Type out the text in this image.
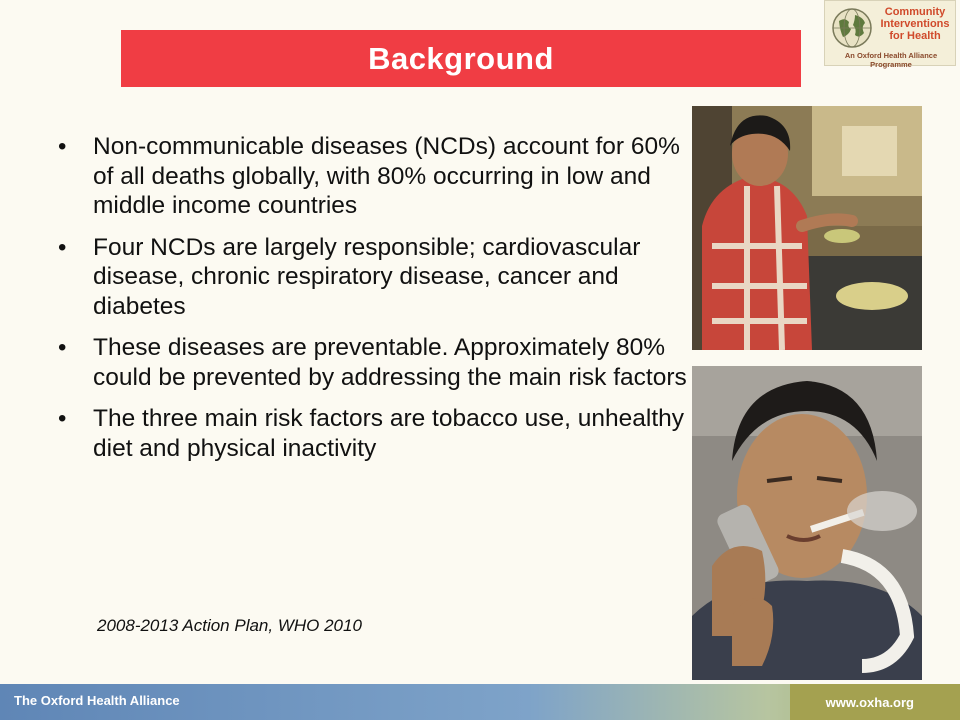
Background
Community
Interventions
for Health
An Oxford Health Alliance Programme
• Non-communicable diseases (NCDs) account for 60% of all deaths globally, with 80% occurring in low and middle income countries
• Four NCDs are largely responsible; cardiovascular disease, chronic respiratory disease, cancer and diabetes
• These diseases are preventable. Approximately 80% could be prevented by addressing the main risk factors
• The three main risk factors are tobacco use, unhealthy diet and physical inactivity
2008-2013 Action Plan, WHO 2010
The Oxford Health Alliance	www.oxha.org
